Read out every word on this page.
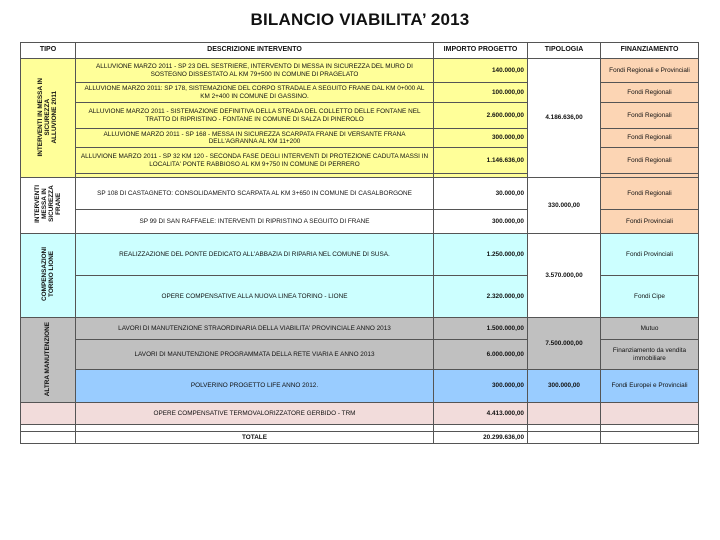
BILANCIO VIABILITA’ 2013
TIPO	DESCRIZIONE INTERVENTO	IMPORTO PROGETTO	TIPOLOGIA	FINANZIAMENTO
INTERVENTI IN MESSA IN
SICUREZZA
ALLUVIONE 2011	ALLUVIONE MARZO 2011 - SP 23 DEL SESTRIERE, INTERVENTO DI MESSA IN SICUREZZA DEL MURO DI SOSTEGNO DISSESTATO AL KM 79+500 IN COMUNE DI PRAGELATO	140.000,00	4.186.636,00	Fondi Regionali e Provinciali
	ALLUVIONE MARZO 2011: SP 178, SISTEMAZIONE DEL CORPO STRADALE A SEGUITO FRANE DAL KM 0+000 AL KM 2+400 IN COMUNE DI GASSINO.	100.000,00		Fondi Regionali
	ALLUVIONE MARZO 2011 - SISTEMAZIONE DEFINITIVA DELLA STRADA DEL COLLETTO DELLE FONTANE NEL TRATTO DI RIPRISTINO - FONTANE IN COMUNE DI SALZA DI PINEROLO	2.600.000,00		Fondi Regionali
	ALLUVIONE MARZO 2011 - SP 168 - MESSA IN SICUREZZA SCARPATA FRANE DI VERSANTE FRANA DELL'AGRANNA AL KM 11+200	300.000,00		Fondi Regionali
	ALLUVIONE MARZO 2011 - SP 32 KM 120 - SECONDA FASE DEGLI INTERVENTI DI PROTEZIONE CADUTA MASSI IN LOCALITA' PONTE RABBIOSO AL KM 9+750 IN COMUNE DI PERRERO	1.146.636,00		Fondi Regionali

INTERVENTI
MESSA IN
SICUREZZA
FRANE	SP 108 DI CASTAGNETO: CONSOLIDAMENTO SCARPATA AL KM 3+650 IN COMUNE DI CASALBORGONE	30.000,00	330.000,00	Fondi Regionali
	SP 99 DI SAN RAFFAELE: INTERVENTI DI RIPRISTINO A SEGUITO DI FRANE	300.000,00		Fondi Provinciali
COMPENSAZIONI
TORINO LIONE	REALIZZAZIONE DEL PONTE DEDICATO ALL'ABBAZIA DI RIPARIA NEL COMUNE DI SUSA.	1.250.000,00	3.570.000,00	Fondi Provinciali
	OPERE COMPENSATIVE ALLA NUOVA LINEA TORINO - LIONE	2.320.000,00		Fondi Cipe
ALTRA MANUTENZIONE	LAVORI DI MANUTENZIONE STRAORDINARIA DELLA VIABILITA' PROVINCIALE ANNO 2013	1.500.000,00	7.500.000,00	Mutuo
	LAVORI DI MANUTENZIONE PROGRAMMATA DELLA RETE VIARIA E ANNO 2013	6.000.000,00		Finanziamento da vendita immobiliare
	POLVERINO PROGETTO LIFE ANNO 2012.	300.000,00	300.000,00	Fondi Europei e Provinciali
	OPERE COMPENSATIVE TERMOVALORIZZATORE GERBIDO - TRM	4.413.000,00		

	TOTALE	20.299.636,00		
